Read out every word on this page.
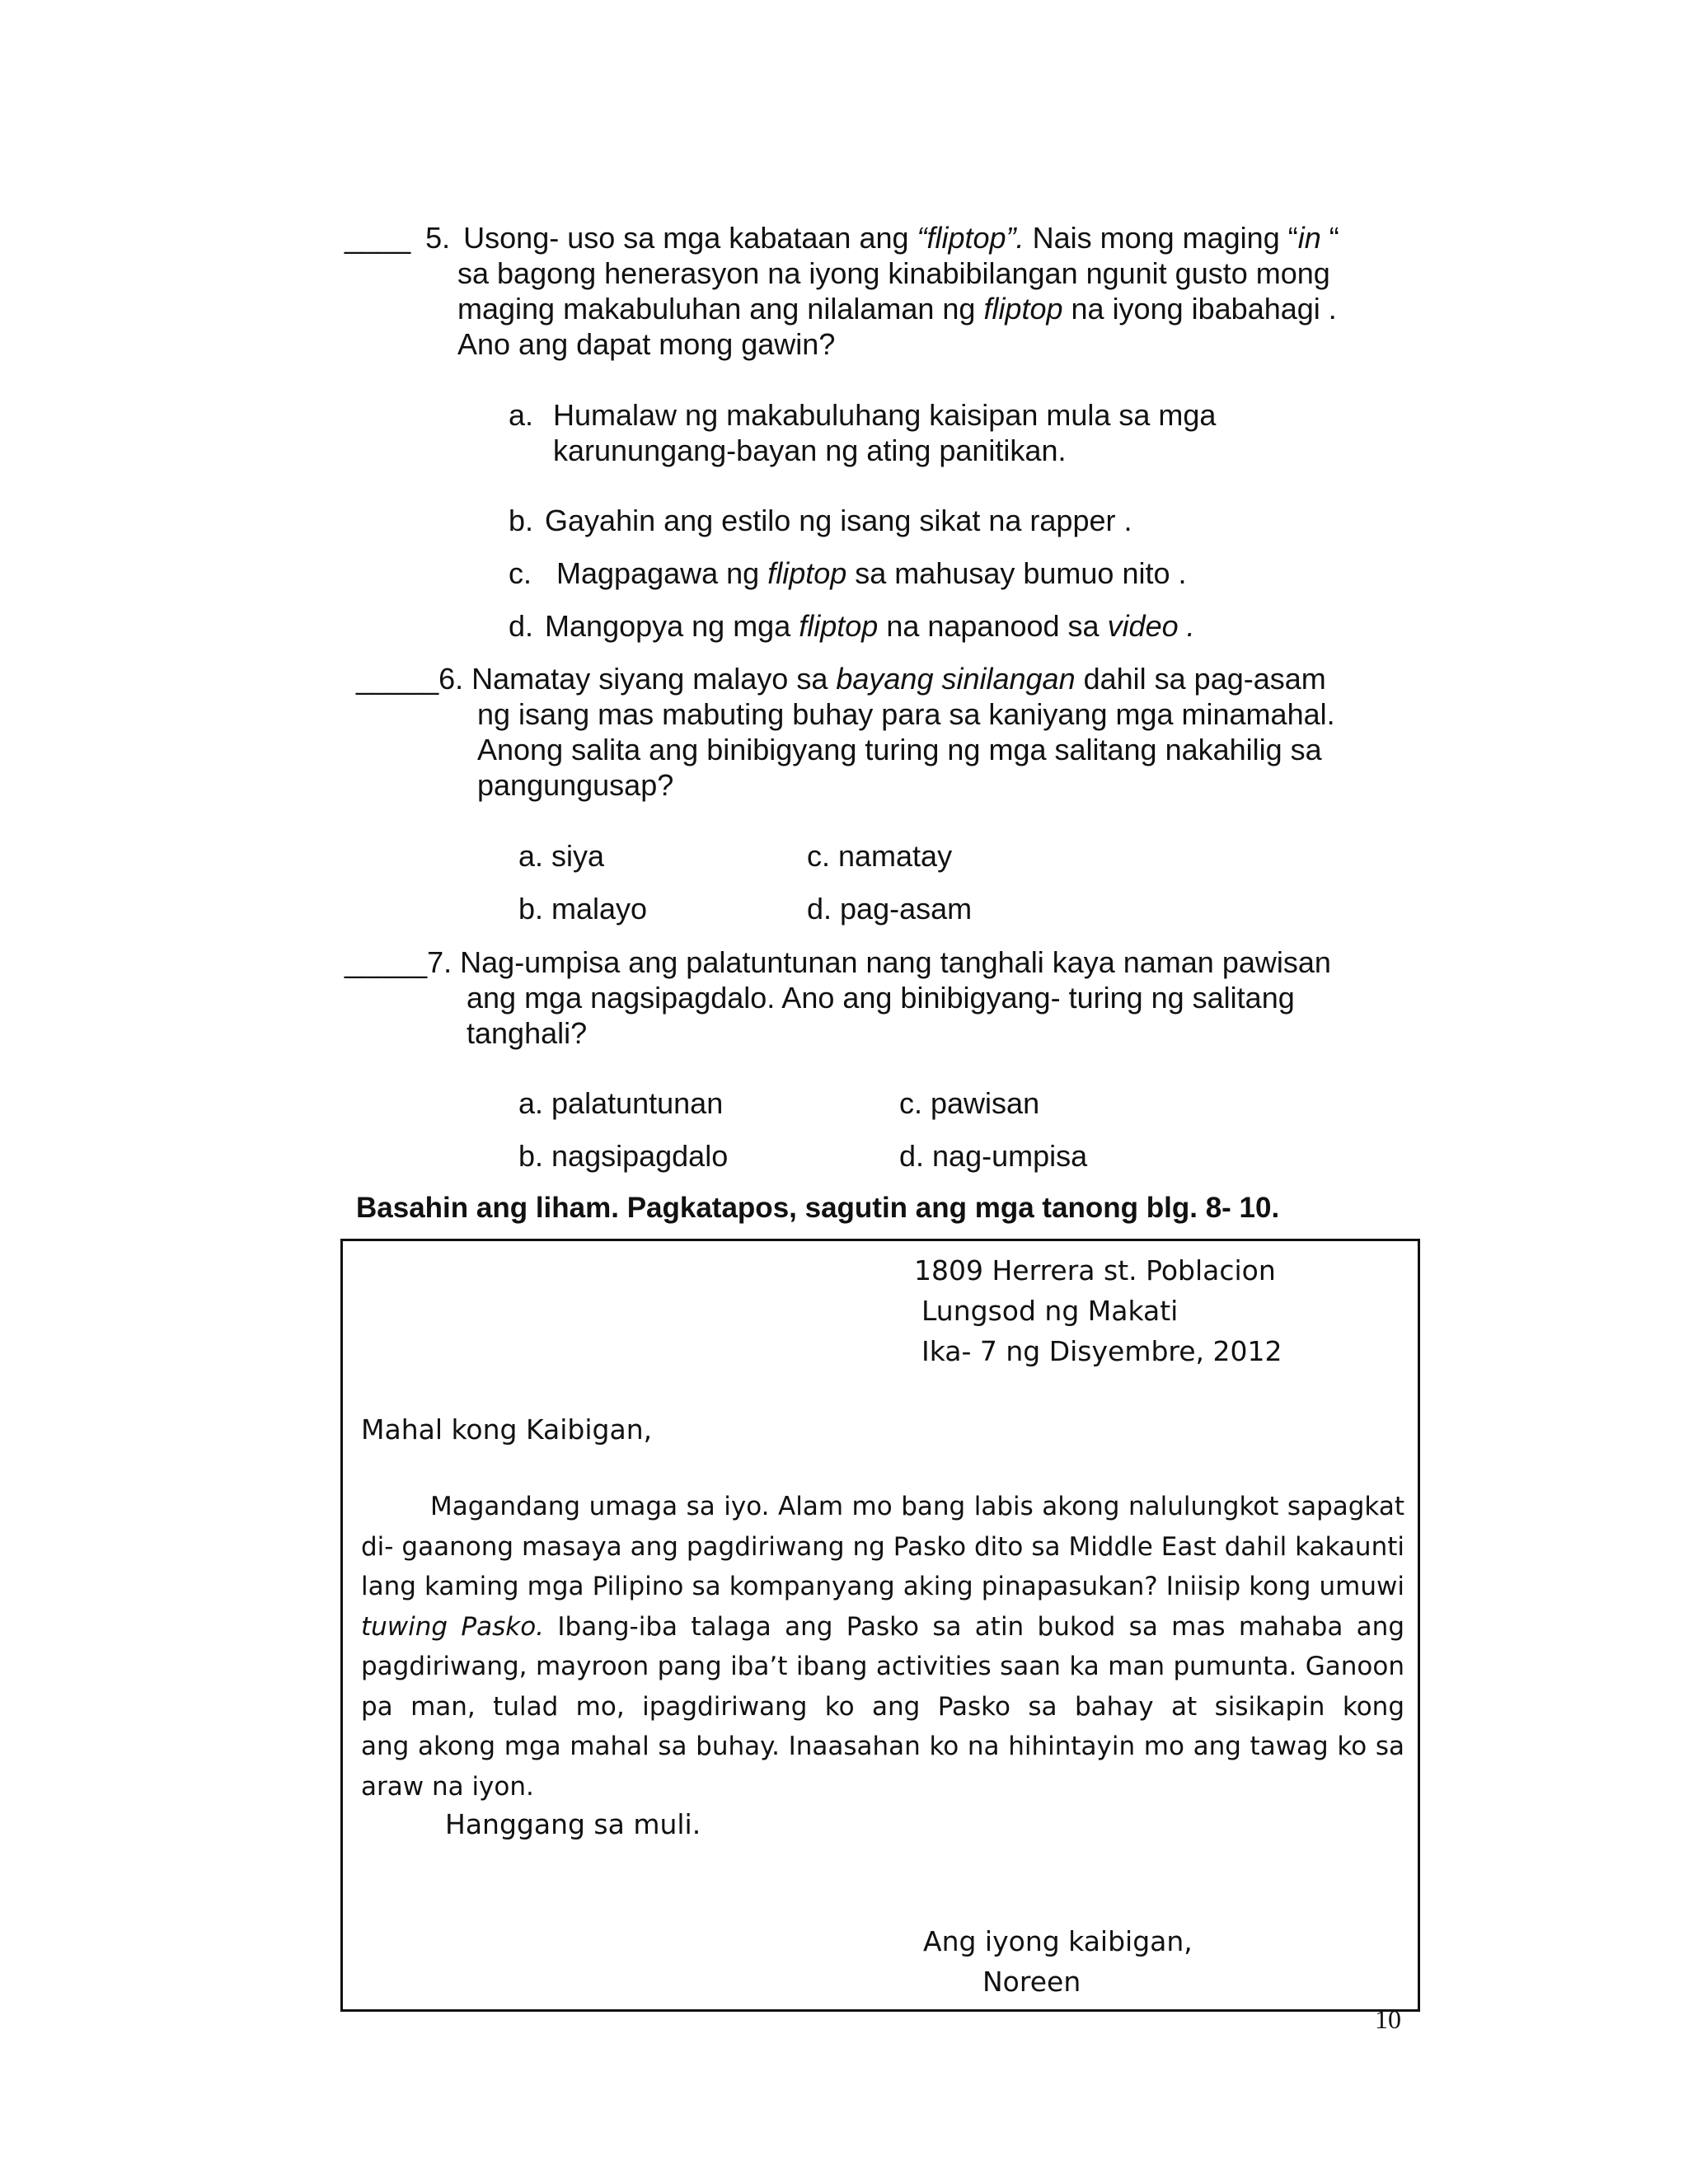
____ 5. Usong- uso sa mga kabataan ang “fliptop”. Nais mong maging “in “
sa bagong henerasyon na iyong kinabibilangan ngunit gusto mong
maging makabuluhan ang nilalaman ng fliptop na iyong ibabahagi .
Ano ang dapat mong gawin?
a. Humalaw ng makabuluhang kaisipan mula sa mga
karunungang-bayan ng ating panitikan.
b. Gayahin ang estilo ng isang sikat na rapper .
c. Magpagawa ng fliptop sa mahusay bumuo nito .
d. Mangopya ng mga fliptop na napanood sa video .
_____6. Namatay siyang malayo sa bayang sinilangan dahil sa pag-asam
ng isang mas mabuting buhay para sa kaniyang mga minamahal.
Anong salita ang binibigyang turing ng mga salitang nakahilig sa
pangungusap?
a. siya	c. namatay
b. malayo	d. pag-asam
_____7. Nag-umpisa ang palatuntunan nang tanghali kaya naman pawisan
ang mga nagsipagdalo. Ano ang binibigyang- turing ng salitang
tanghali?
a. palatuntunan	c. pawisan
b. nagsipagdalo	d. nag-umpisa
Basahin ang liham. Pagkatapos, sagutin ang mga tanong blg. 8- 10.
1809 Herrera st. Poblacion
Lungsod ng Makati
Ika- 7 ng Disyembre, 2012
Mahal kong Kaibigan,
Magandang umaga sa iyo. Alam mo bang labis akong nalulungkot sapagkat
di- gaanong masaya ang pagdiriwang ng Pasko dito sa Middle East dahil kakaunti
lang kaming mga Pilipino sa kompanyang aking pinapasukan? Iniisip kong umuwi
tuwing Pasko. Ibang-iba talaga ang Pasko sa atin bukod sa mas mahaba ang
pagdiriwang, mayroon pang iba’t ibang activities saan ka man pumunta. Ganoon
pa man, tulad mo, ipagdiriwang ko ang Pasko sa bahay at sisikapin kong
ang akong mga mahal sa buhay. Inaasahan ko na hihintayin mo ang tawag ko sa
araw na iyon.
Hanggang sa muli.
Ang iyong kaibigan,
Noreen
10
